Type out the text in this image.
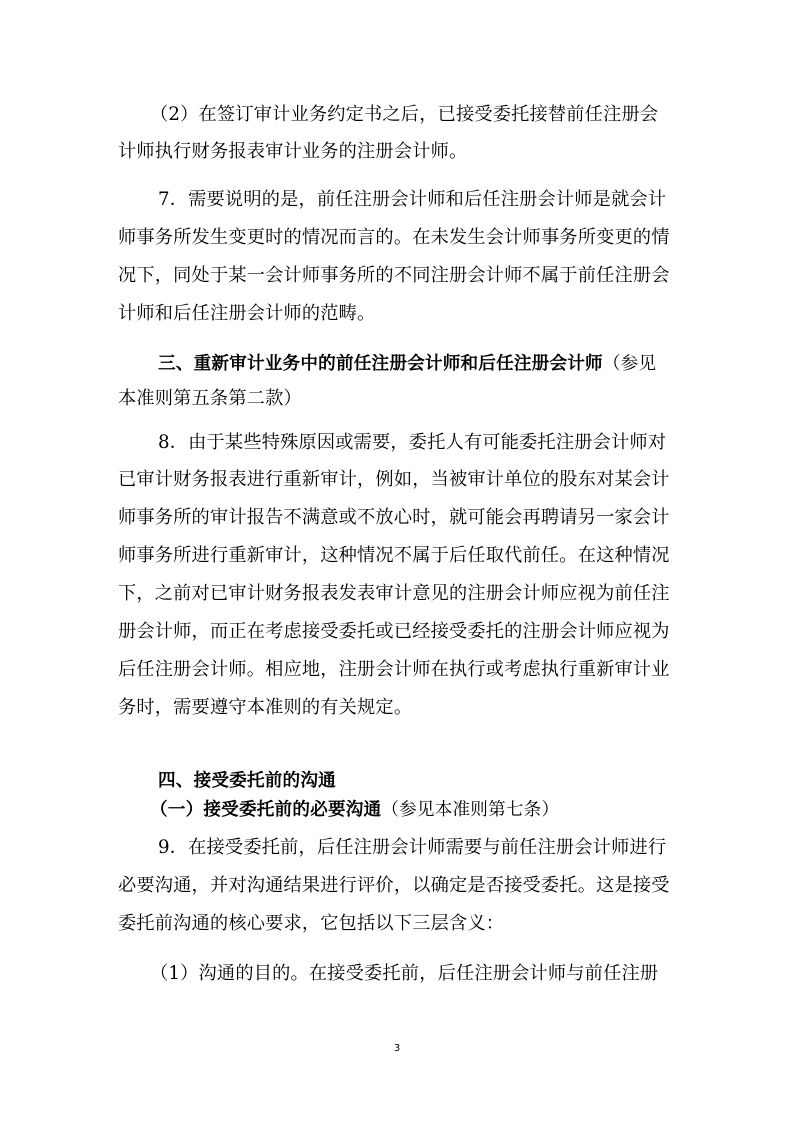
（2）在签订审计业务约定书之后，已接受委托接替前任注册会
计师执行财务报表审计业务的注册会计师。
7．需要说明的是，前任注册会计师和后任注册会计师是就会计
师事务所发生变更时的情况而言的。在未发生会计师事务所变更的情
况下，同处于某一会计师事务所的不同注册会计师不属于前任注册会
计师和后任注册会计师的范畴。
三、重新审计业务中的前任注册会计师和后任注册会计师（参见
本准则第五条第二款）
8．由于某些特殊原因或需要，委托人有可能委托注册会计师对
已审计财务报表进行重新审计，例如，当被审计单位的股东对某会计
师事务所的审计报告不满意或不放心时，就可能会再聘请另一家会计
师事务所进行重新审计，这种情况不属于后任取代前任。在这种情况
下，之前对已审计财务报表发表审计意见的注册会计师应视为前任注
册会计师，而正在考虑接受委托或已经接受委托的注册会计师应视为
后任注册会计师。相应地，注册会计师在执行或考虑执行重新审计业
务时，需要遵守本准则的有关规定。
四、接受委托前的沟通
（一）接受委托前的必要沟通（参见本准则第七条）
9．在接受委托前，后任注册会计师需要与前任注册会计师进行
必要沟通，并对沟通结果进行评价，以确定是否接受委托。这是接受
委托前沟通的核心要求，它包括以下三层含义：
（1）沟通的目的。在接受委托前，后任注册会计师与前任注册
3
